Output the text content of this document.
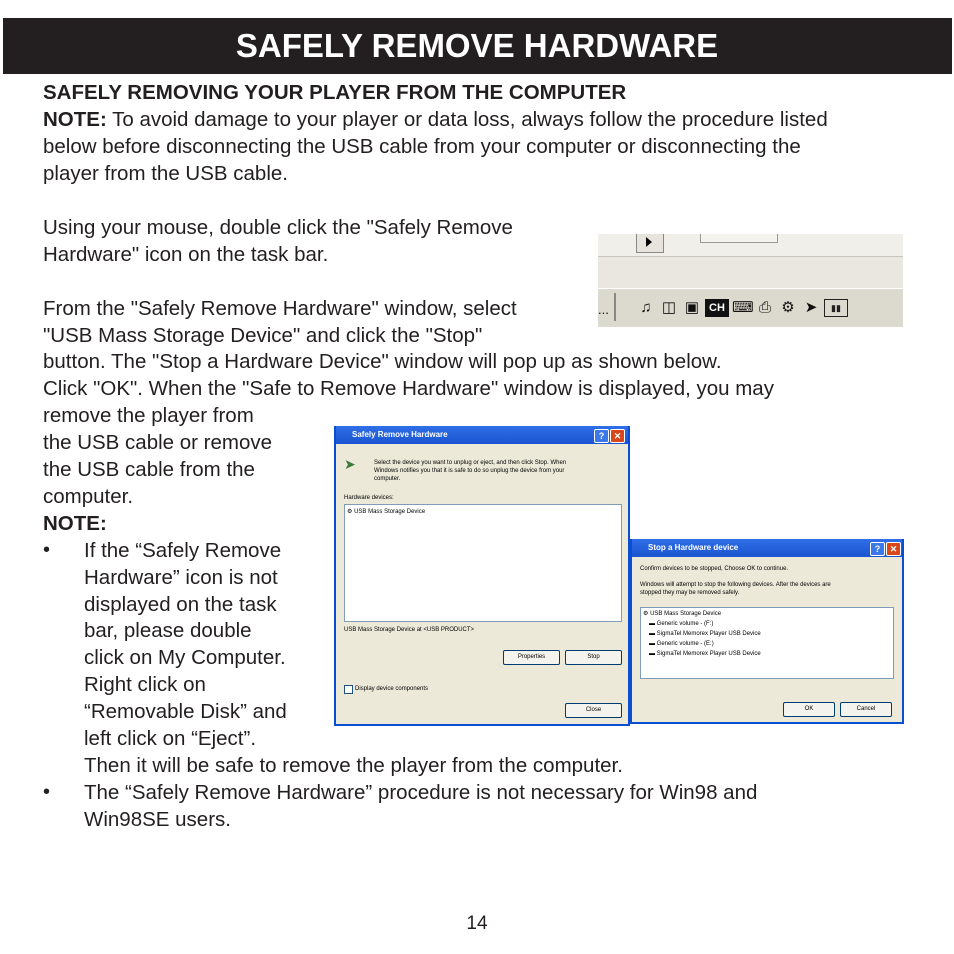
SAFELY REMOVE HARDWARE
SAFELY REMOVING YOUR PLAYER FROM THE COMPUTER
NOTE: To avoid damage to your player or data loss, always follow the procedure listed
below before disconnecting the USB cable from your computer or disconnecting the
player from the USB cable.
Using your mouse, double click the "Safely Remove
Hardware" icon on the task bar.
From the "Safely Remove Hardware" window, select
"USB Mass Storage Device" and click the "Stop"
button. The "Stop a Hardware Device" window will pop up as shown below.
Click "OK". When the "Safe to Remove Hardware" window is displayed, you may
remove the player from
the USB cable or remove
the USB cable from the
computer.
NOTE:
• If the “Safely Remove
Hardware” icon is not
displayed on the task
bar, please double
click on My Computer.
Right click on
“Removable Disk” and
left click on “Eject”.
Then it will be safe to remove the player from the computer.
• The “Safely Remove Hardware” procedure is not necessary for Win98 and
Win98SE users.
... ♫ ◫ ▣ CH ⌨ ⎙ ⚙ ➤	▮▮
Safely Remove Hardware	?	✕
➤	Select the device you want to unplug or eject, and then click Stop. When
Windows notifies you that it is safe to do so unplug the device from your
computer.
Hardware devices:
⚙ USB Mass Storage Device
USB Mass Storage Device at <USB PRODUCT>
Properties	Stop
Display device components
Close
Stop a Hardware device	?	✕
Confirm devices to be stopped, Choose OK to continue.
Windows will attempt to stop the following devices. After the devices are
stopped they may be removed safely.
⚙ USB Mass Storage Device
▬ Generic volume - (F:)
▬ SigmaTel Memorex Player USB Device
▬ Generic volume - (E:)
▬ SigmaTel Memorex Player USB Device
OK	Cancel
14
